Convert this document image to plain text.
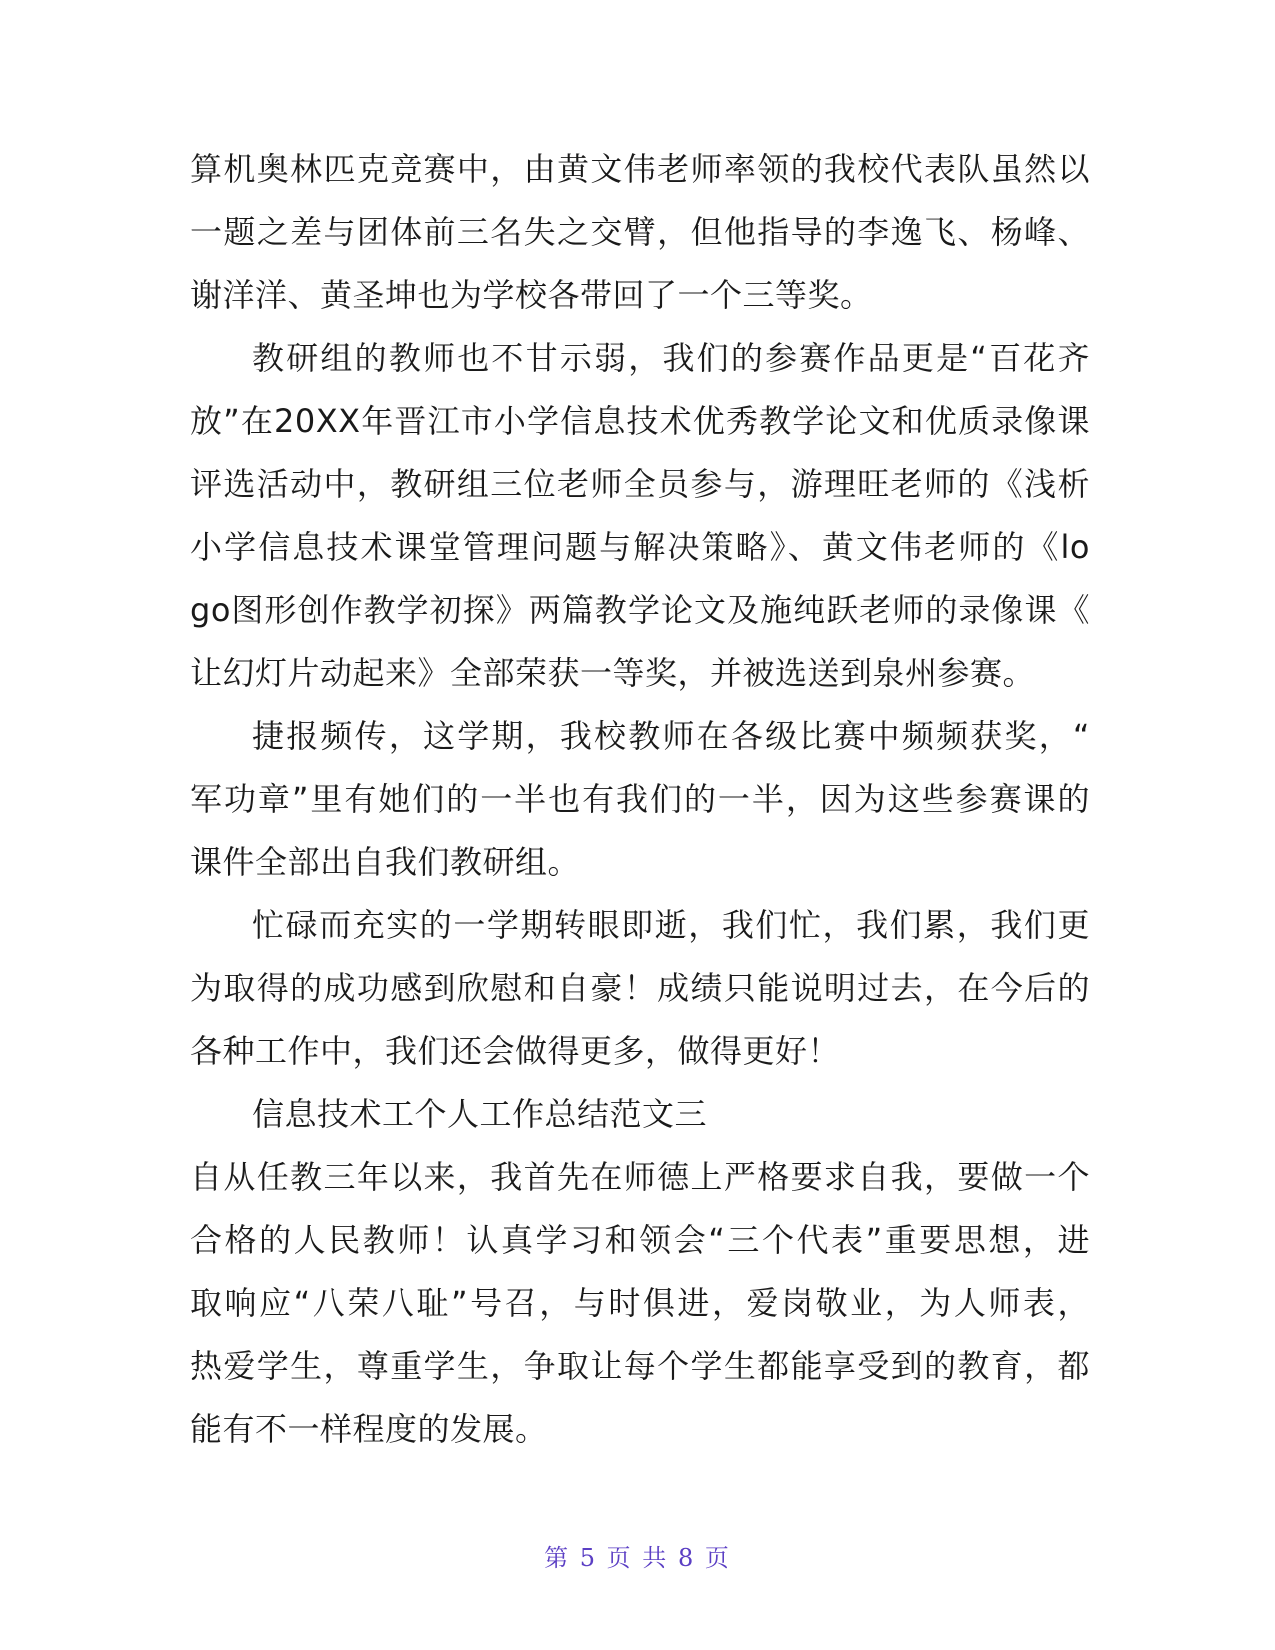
算机奥林匹克竞赛中，由黄文伟老师率领的我校代表队虽然以
一题之差与团体前三名失之交臂，但他指导的李逸飞、杨峰、
谢洋洋、黄圣坤也为学校各带回了一个三等奖。
教研组的教师也不甘示弱，我们的参赛作品更是“百花齐
放”在20XX年晋江市小学信息技术优秀教学论文和优质录像课
评选活动中，教研组三位老师全员参与，游理旺老师的《浅析
小学信息技术课堂管理问题与解决策略》、黄文伟老师的《lo
go图形创作教学初探》两篇教学论文及施纯跃老师的录像课《
让幻灯片动起来》全部荣获一等奖，并被选送到泉州参赛。
捷报频传，这学期，我校教师在各级比赛中频频获奖，“
军功章”里有她们的一半也有我们的一半，因为这些参赛课的
课件全部出自我们教研组。
忙碌而充实的一学期转眼即逝，我们忙，我们累，我们更
为取得的成功感到欣慰和自豪！成绩只能说明过去，在今后的
各种工作中，我们还会做得更多，做得更好！
信息技术工个人工作总结范文三
自从任教三年以来，我首先在师德上严格要求自我，要做一个
合格的人民教师！认真学习和领会“三个代表”重要思想，进
取响应“八荣八耻”号召，与时俱进，爱岗敬业，为人师表，
热爱学生，尊重学生，争取让每个学生都能享受到的教育，都
能有不一样程度的发展。
第 5 页 共 8 页
